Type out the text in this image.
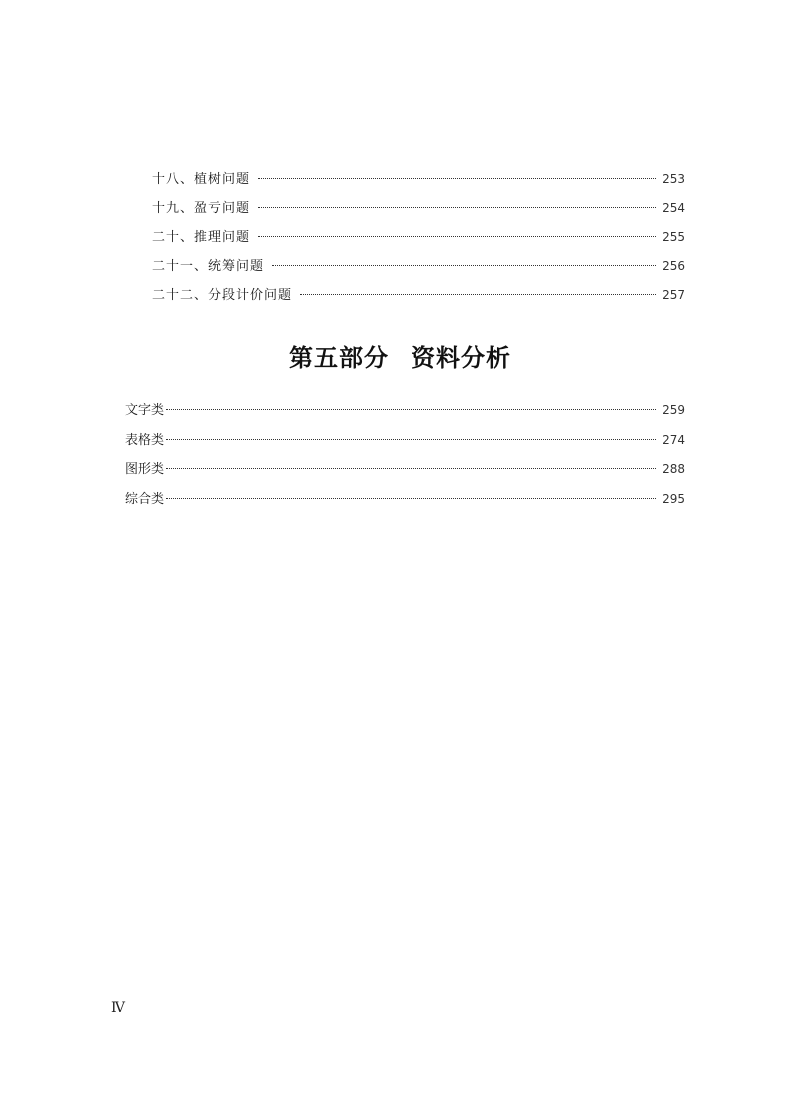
十八、植树问题	253
十九、盈亏问题	254
二十、推理问题	255
二十一、统筹问题	256
二十二、分段计价问题	257
第五部分 资料分析
文字类	259
表格类	274
图形类	288
综合类	295
Ⅳ
